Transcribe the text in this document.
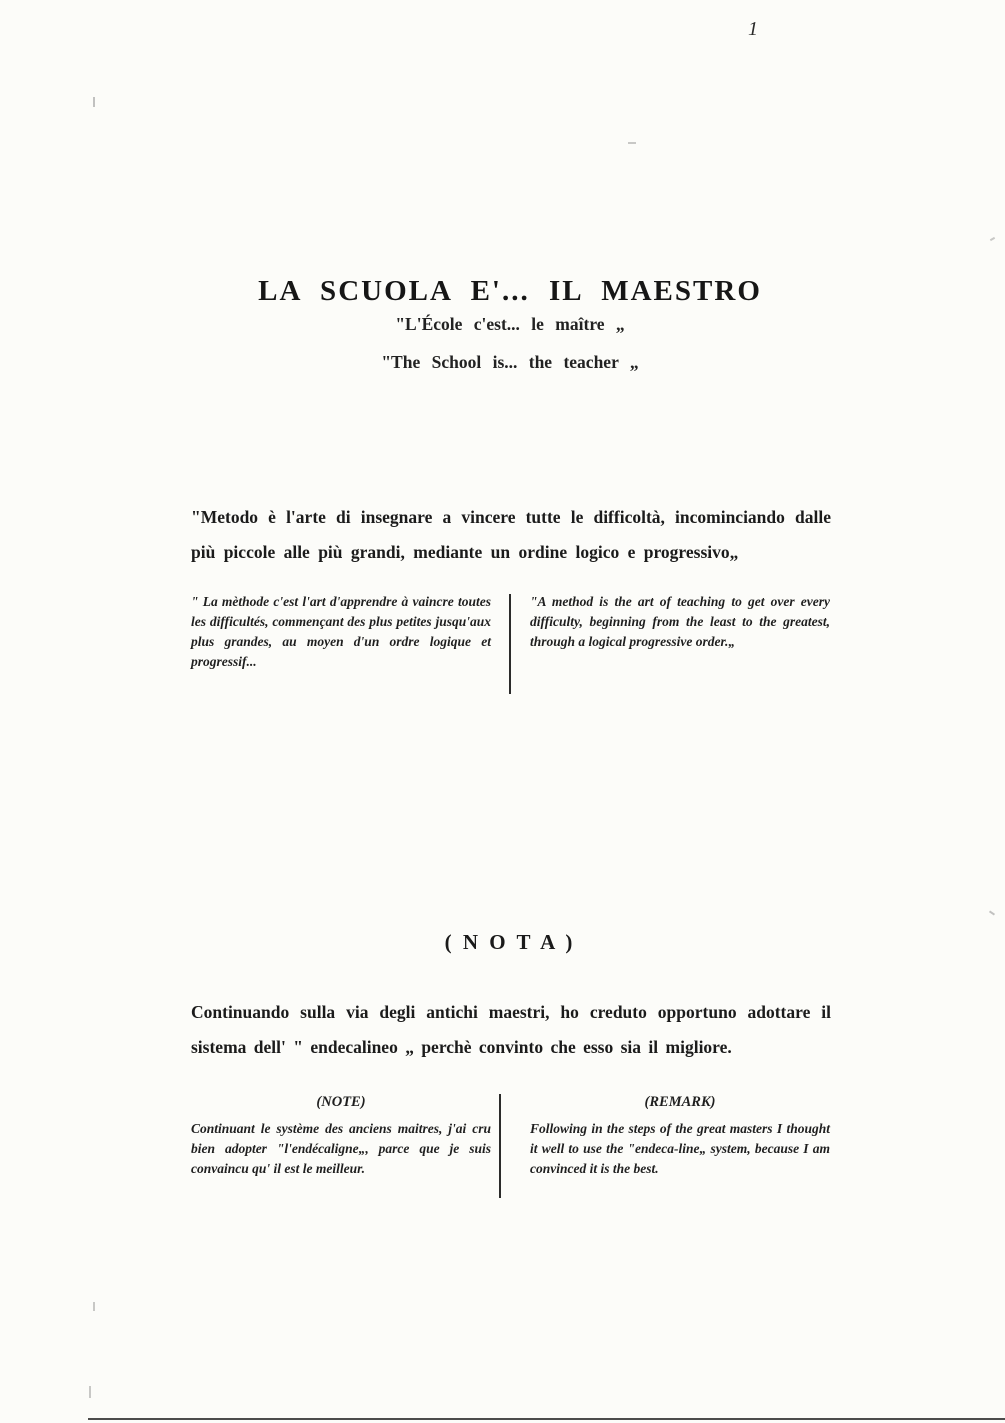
1
LA SCUOLA E'... IL MAESTRO
"L'École c'est... le maître „
"The School is... the teacher „

"Metodo è l'arte di insegnare a vincere tutte le difficoltà, incominciando dalle più piccole alle più grandi, mediante un ordine logico e progressivo„

" La mèthode c'est l'art d'apprendre à vaincre toutes les difficultés, commençant des plus petites jusqu'aux plus grandes, au moyen d'un ordre logique et progressif...
"A method is the art of teaching to get over every difficulty, beginning from the least to the greatest, through a logical progressive order.„
( N O T A )

Continuando sulla via degli antichi maestri, ho creduto opportuno adottare il sistema dell' " endecalineo „ perchè convinto che esso sia il migliore.

(NOTE)
Continuant le système des anciens maitres, j'ai cru bien adopter "l'endécaligne„, parce que je suis convaincu qu' il est le meilleur.
(REMARK)
Following in the steps of the great masters I thought it well to use the "endeca-line„ system, because I am convinced it is the best.
